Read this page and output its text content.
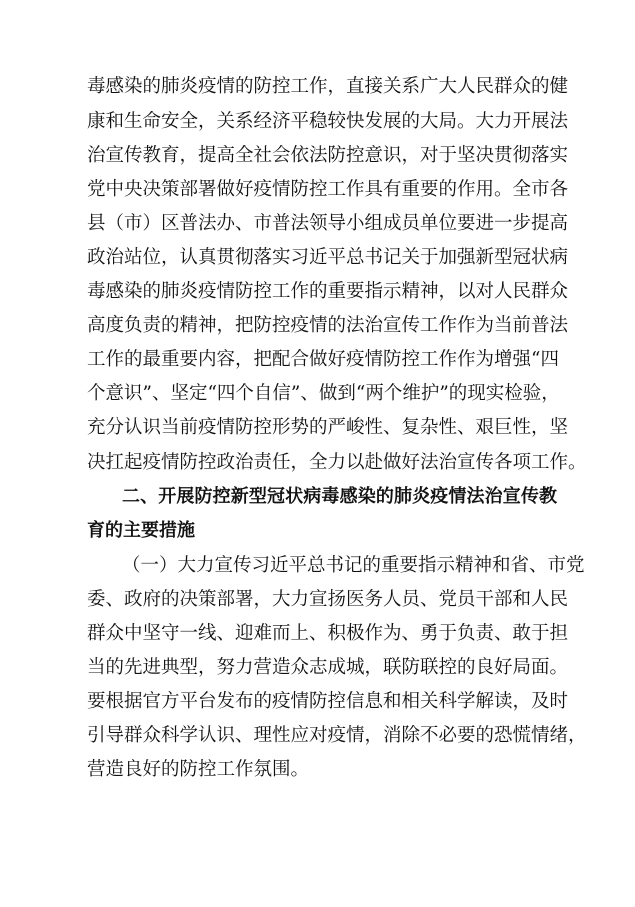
毒感染的肺炎疫情的防控工作，直接关系广大人民群众的健
康和生命安全，关系经济平稳较快发展的大局。大力开展法
治宣传教育，提高全社会依法防控意识，对于坚决贯彻落实
党中央决策部署做好疫情防控工作具有重要的作用。全市各
县（市）区普法办、市普法领导小组成员单位要进一步提高
政治站位，认真贯彻落实习近平总书记关于加强新型冠状病
毒感染的肺炎疫情防控工作的重要指示精神，以对人民群众
高度负责的精神，把防控疫情的法治宣传工作作为当前普法
工作的最重要内容，把配合做好疫情防控工作作为增强“四
个意识”、坚定“四个自信”、做到“两个维护”的现实检验，
充分认识当前疫情防控形势的严峻性、复杂性、艰巨性，坚
决扛起疫情防控政治责任，全力以赴做好法治宣传各项工作。
二、开展防控新型冠状病毒感染的肺炎疫情法治宣传教
育的主要措施
（一）大力宣传习近平总书记的重要指示精神和省、市党
委、政府的决策部署，大力宣扬医务人员、党员干部和人民
群众中坚守一线、迎难而上、积极作为、勇于负责、敢于担
当的先进典型，努力营造众志成城，联防联控的良好局面。
要根据官方平台发布的疫情防控信息和相关科学解读，及时
引导群众科学认识、理性应对疫情，消除不必要的恐慌情绪，
营造良好的防控工作氛围。
